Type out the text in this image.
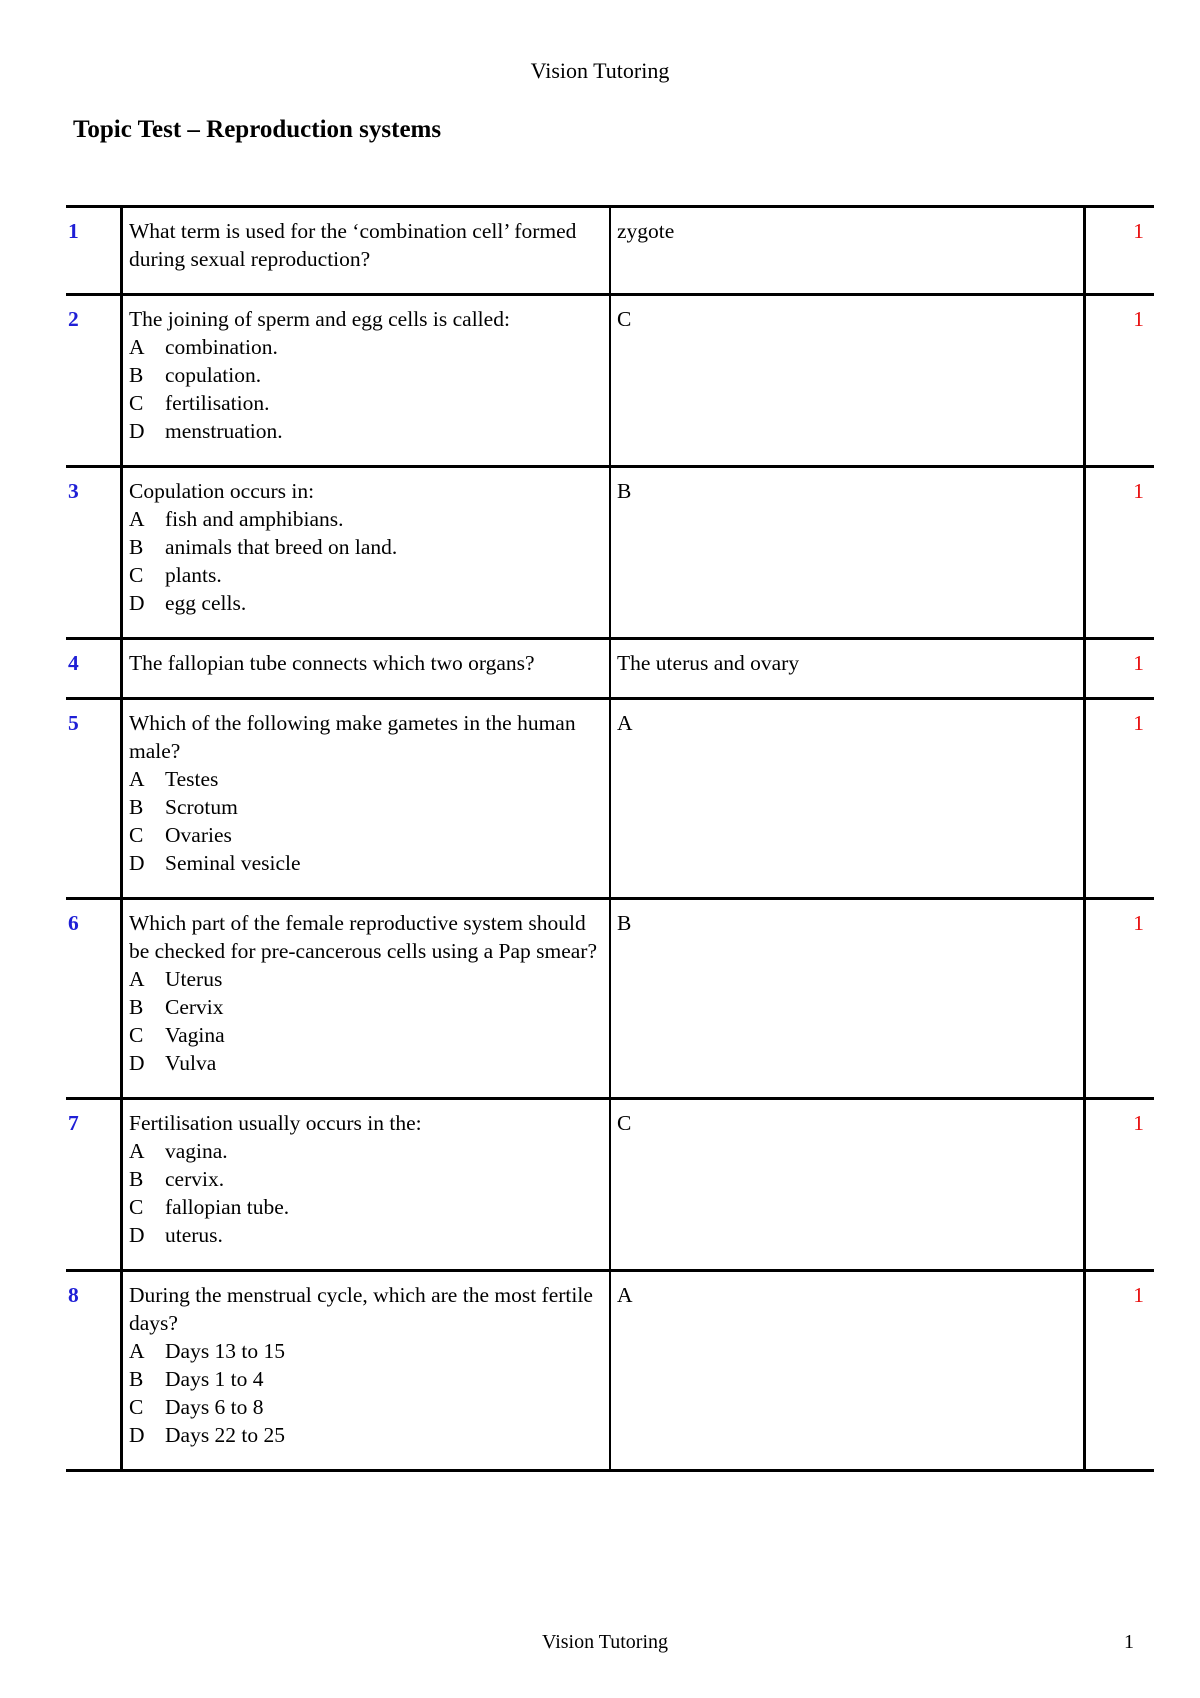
Vision Tutoring
Topic Test – Reproduction systems
1	What term is used for the ‘combination cell’ formed during sexual reproduction?	zygote	1
2	The joining of sperm and egg cells is called:
A combination.
B copulation.
C fertilisation.
D menstruation.	C	1
3	Copulation occurs in:
A fish and amphibians.
B animals that breed on land.
C plants.
D egg cells.	B	1
4	The fallopian tube connects which two organs?	The uterus and ovary	1
5	Which of the following make gametes in the human male?
A Testes
B Scrotum
C Ovaries
D Seminal vesicle	A	1
6	Which part of the female reproductive system should be checked for pre-cancerous cells using a Pap smear?
A Uterus
B Cervix
C Vagina
D Vulva	B	1
7	Fertilisation usually occurs in the:
A vagina.
B cervix.
C fallopian tube.
D uterus.	C	1
8	During the menstrual cycle, which are the most fertile days?
A Days 13 to 15
B Days 1 to 4
C Days 6 to 8
D Days 22 to 25	A	1
Vision Tutoring	1
